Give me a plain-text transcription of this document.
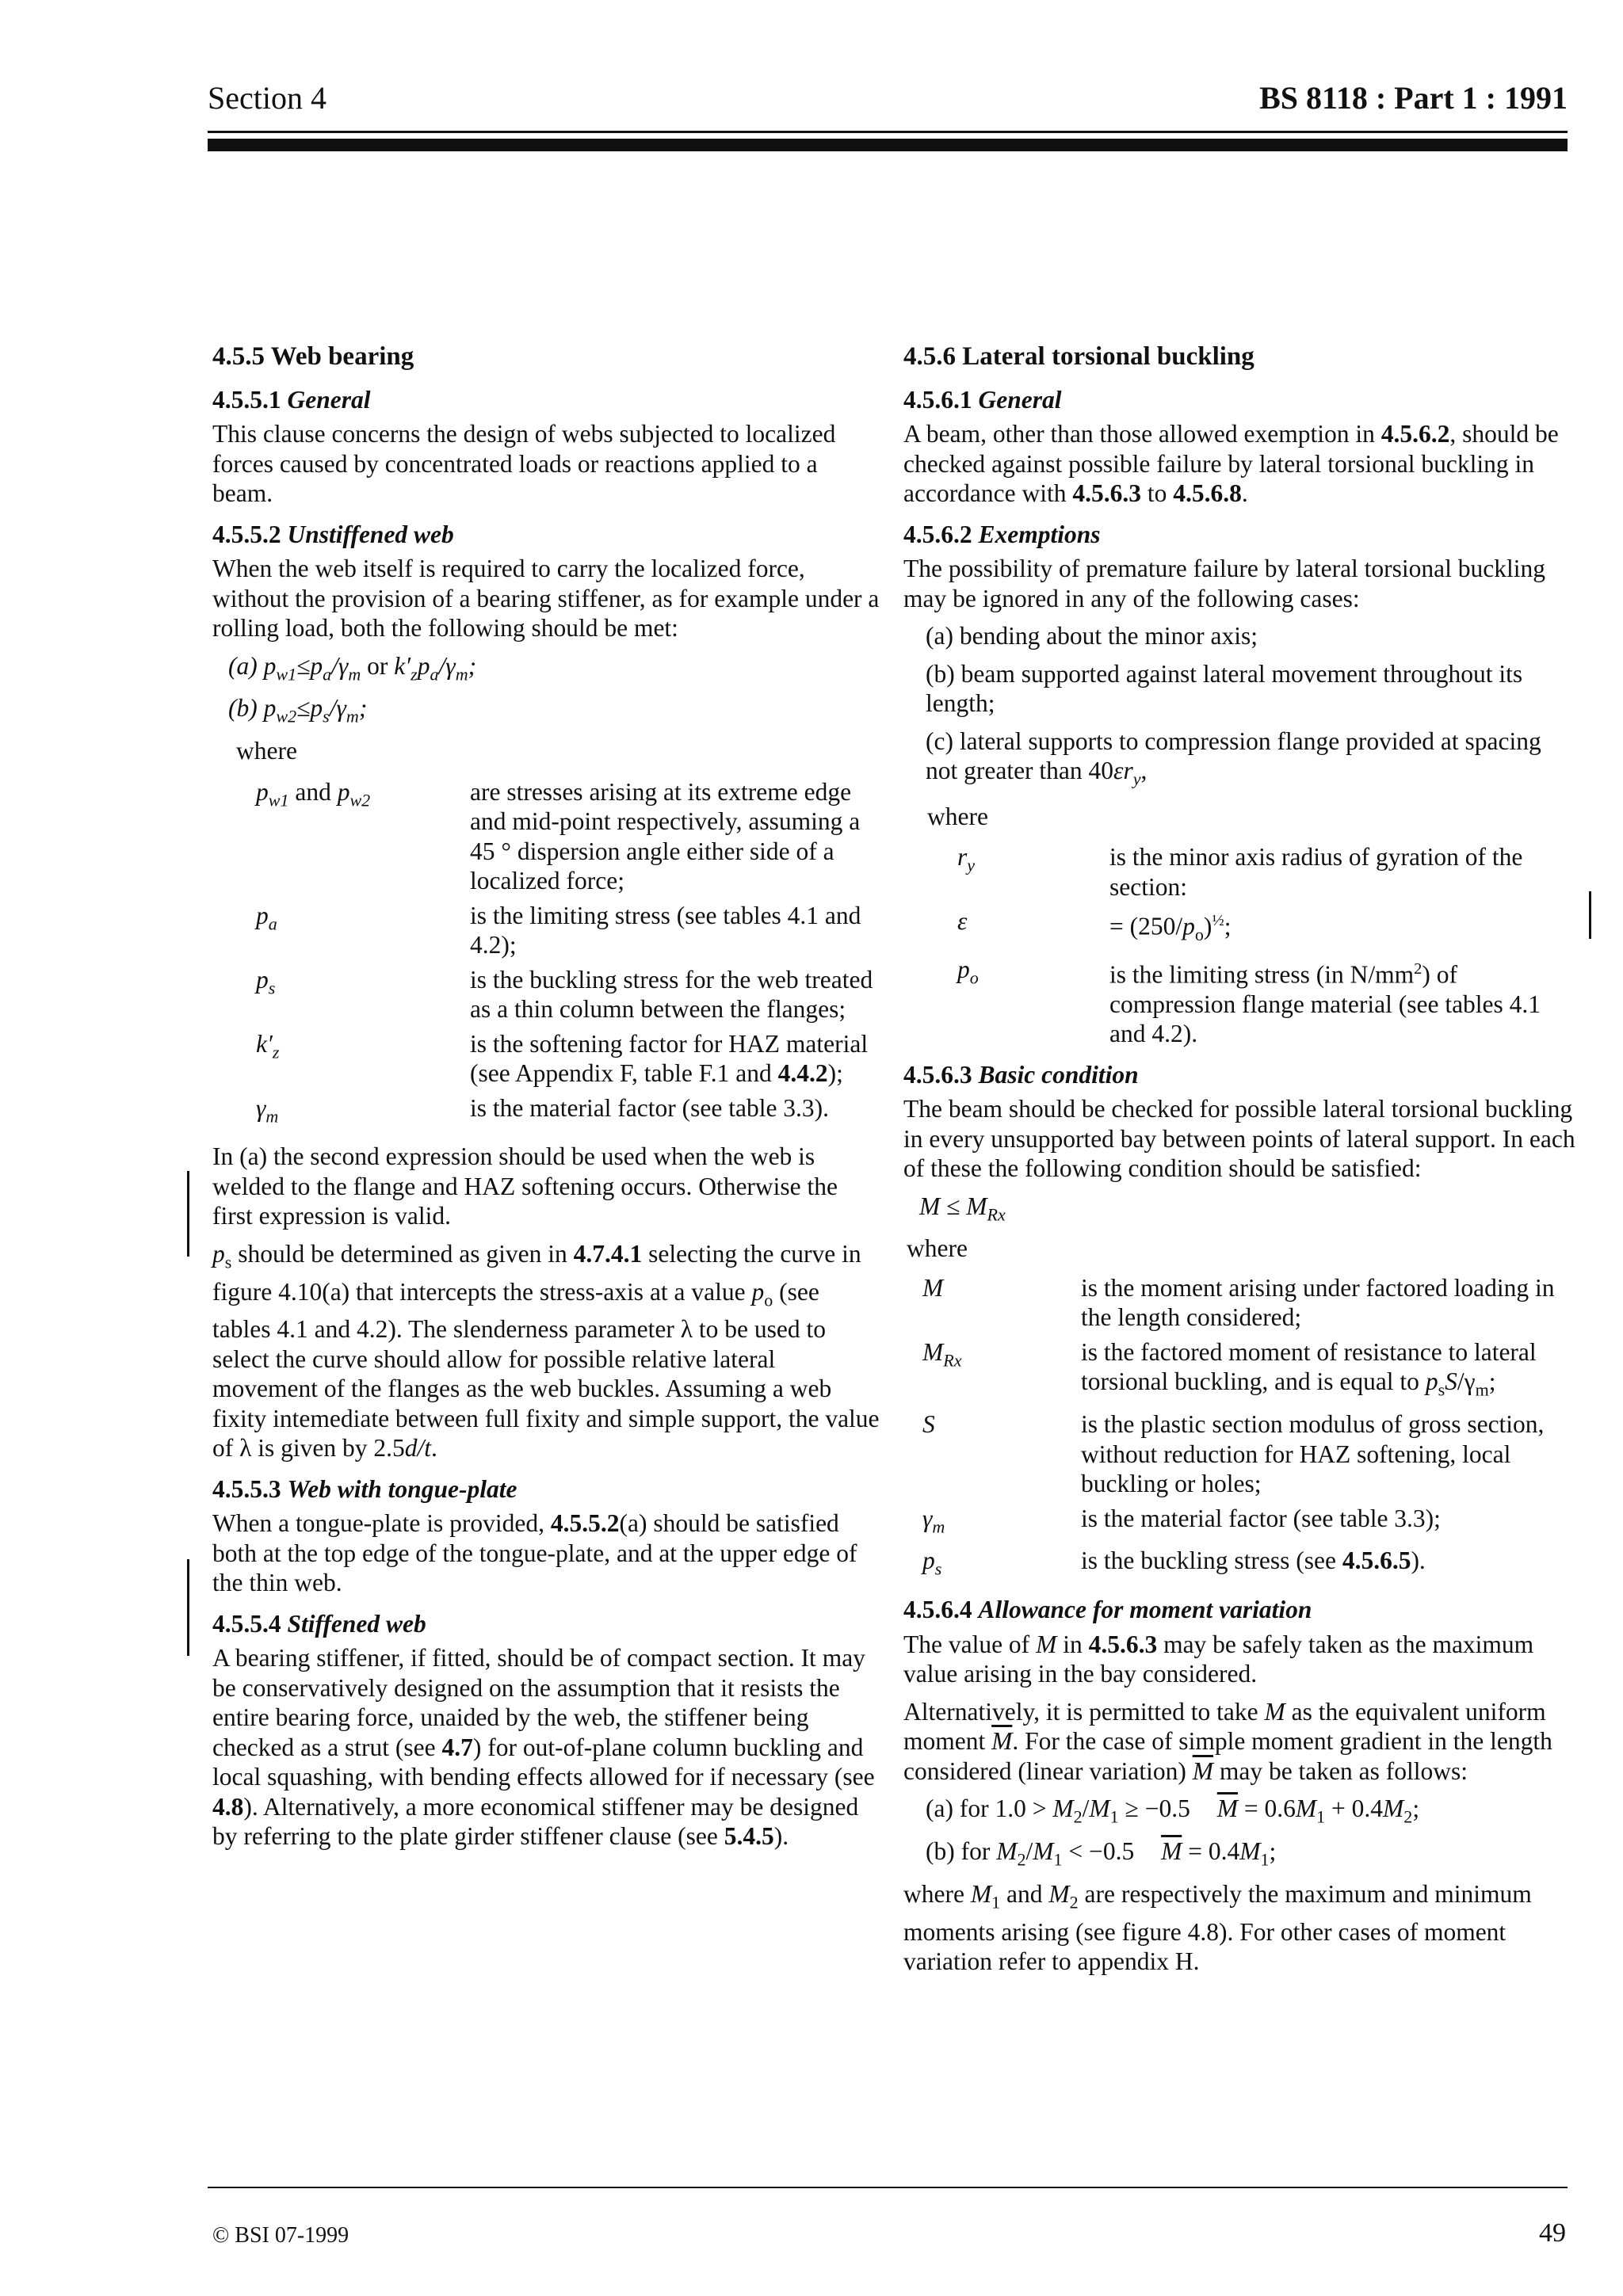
Section 4	BS 8118 : Part 1 : 1991
4.5.5 Web bearing
4.5.5.1 General

This clause concerns the design of webs subjected to localized forces caused by concentrated loads or reactions applied to a beam.

4.5.5.2 Unstiffened web

When the web itself is required to carry the localized force, without the provision of a bearing stiffener, as for example under a rolling load, both the following should be met:

(a) $p_{w1}\le p_a/\gamma_m$ or $k'_zp_a/\gamma_m$;
(b) $p_{w2}\le p_s/\gamma_m$;
where
$p_{w1}$ and $p_{w2}$	are stresses arising at its extreme edge and mid-point respectively, assuming a 45 ° dispersion angle either side of a localized force;
$p_a$	is the limiting stress (see tables 4.1 and 4.2);
$p_s$	is the buckling stress for the web treated as a thin column between the flanges;
$k'_z$	is the softening factor for HAZ material (see Appendix F, table F.1 and 4.4.2);
$\gamma_m$	is the material factor (see table 3.3).

In (a) the second expression should be used when the web is welded to the flange and HAZ softening occurs. Otherwise the first expression is valid.

$p_s$ should be determined as given in 4.7.4.1 selecting the curve in figure 4.10(a) that intercepts the stress-axis at a value $p_o$ (see tables 4.1 and 4.2). The slenderness parameter λ to be used to select the curve should allow for possible relative lateral movement of the flanges as the web buckles. Assuming a web fixity intemediate between full fixity and simple support, the value of λ is given by 2.5d/t.

4.5.5.3 Web with tongue-plate

When a tongue-plate is provided, 4.5.5.2(a) should be satisfied both at the top edge of the tongue-plate, and at the upper edge of the thin web.

4.5.5.4 Stiffened web

A bearing stiffener, if fitted, should be of compact section. It may be conservatively designed on the assumption that it resists the entire bearing force, unaided by the web, the stiffener being checked as a strut (see 4.7) for out-of-plane column buckling and local squashing, with bending effects allowed for if necessary (see 4.8). Alternatively, a more economical stiffener may be designed by referring to the plate girder stiffener clause (see 5.4.5).

4.5.6 Lateral torsional buckling
4.5.6.1 General

A beam, other than those allowed exemption in 4.5.6.2, should be checked against possible failure by lateral torsional buckling in accordance with 4.5.6.3 to 4.5.6.8.

4.5.6.2 Exemptions

The possibility of premature failure by lateral torsional buckling may be ignored in any of the following cases:

(a) bending about the minor axis;

(b) beam supported against lateral movement throughout its length;

(c) lateral supports to compression flange provided at spacing not greater than $40\varepsilon r_y$,

where
$r_y$	is the minor axis radius of gyration of the section:
ε	= $(250/p_o)^{\frac{1}{2}}$;
$p_o$	is the limiting stress (in $N/mm^2$) of compression flange material (see tables 4.1 and 4.2).
4.5.6.3 Basic condition

The beam should be checked for possible lateral torsional buckling in every unsupported bay between points of lateral support. In each of these the following condition should be satisfied:

$M \le M_{Rx}$
where
M	is the moment arising under factored loading in the length considered;
$M_{Rx}$	is the factored moment of resistance to lateral torsional buckling, and is equal to $p_sS/\gamma_m$;
S	is the plastic section modulus of gross section, without reduction for HAZ softening, local buckling or holes;
$\gamma_m$	is the material factor (see table 3.3);
$p_s$	is the buckling stress (see 4.5.6.5).
4.5.6.4 Allowance for moment variation

The value of M in 4.5.6.3 may be safely taken as the maximum value arising in the bay considered.

Alternatively, it is permitted to take M as the equivalent uniform moment $\overline{M}$. For the case of simple moment gradient in the length considered (linear variation) $\overline{M}$ may be taken as follows:

(a) for $1.0 > M_2/M_1 \ge -0.5$ $\overline{M} = 0.6M_1 + 0.4M_2$;
(b) for $M_2/M_1 < -0.5$ $\overline{M} = 0.4M_1$;

where $M_1$ and $M_2$ are respectively the maximum and minimum moments arising (see figure 4.8). For other cases of moment variation refer to appendix H.

© BSI 07-1999	49
